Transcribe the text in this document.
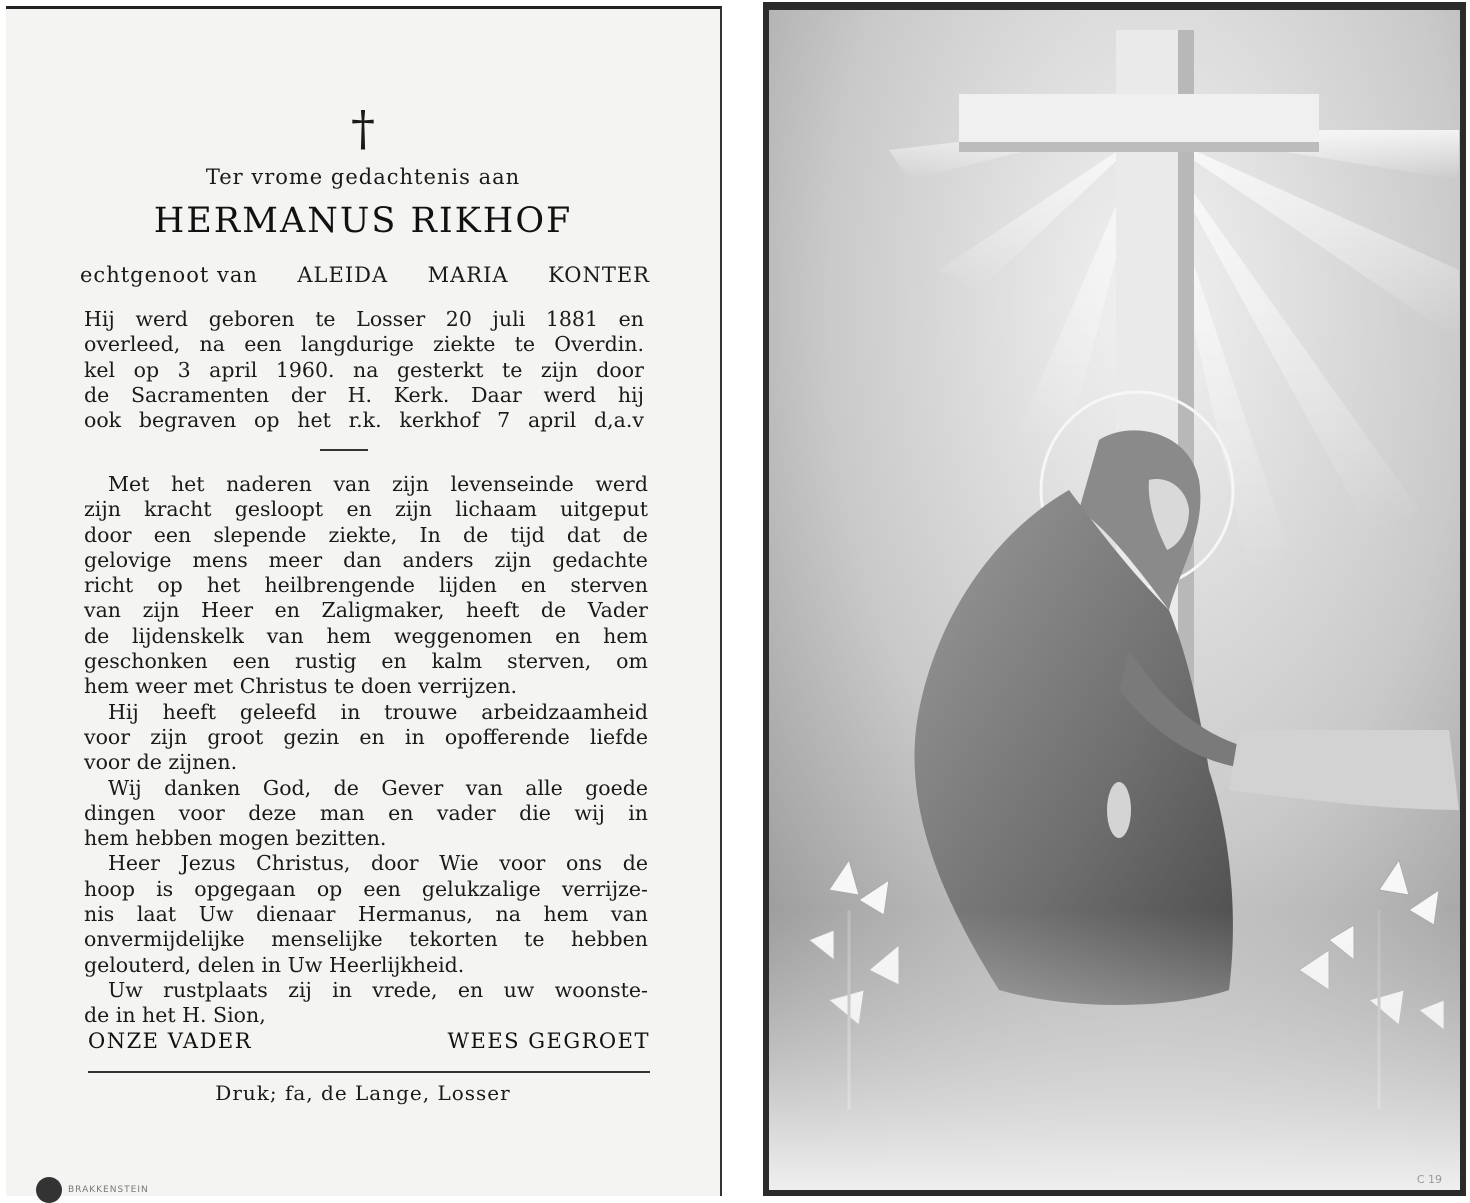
†
Ter vrome gedachtenis aan
HERMANUS RIKHOF
echtgenoot van ALEIDA MARIA KONTER
Hij werd geboren te Losser 20 juli 1881 en
overleed, na een langdurige ziekte te Overdin.
kel op 3 april 1960. na gesterkt te zijn door
de Sacramenten der H. Kerk. Daar werd hij
ook begraven op het r.k. kerkhof 7 april d,a.v
Met het naderen van zijn levenseinde werd
zijn kracht gesloopt en zijn lichaam uitgeput
door een slepende ziekte, In de tijd dat de
gelovige mens meer dan anders zijn gedachte
richt op het heilbrengende lijden en sterven
van zijn Heer en Zaligmaker, heeft de Vader
de lijdenskelk van hem weggenomen en hem
geschonken een rustig en kalm sterven, om
hem weer met Christus te doen verrijzen.
Hij heeft geleefd in trouwe arbeidzaamheid
voor zijn groot gezin en in opofferende liefde
voor de zijnen.
Wij danken God, de Gever van alle goede
dingen voor deze man en vader die wij in
hem hebben mogen bezitten.
Heer Jezus Christus, door Wie voor ons de
hoop is opgegaan op een gelukzalige verrijze-
nis laat Uw dienaar Hermanus, na hem van
onvermijdelijke menselijke tekorten te hebben
gelouterd, delen in Uw Heerlijkheid.
Uw rustplaats zij in vrede, en uw woonste-
de in het H. Sion,
ONZE VADER	WEES GEGROET
Druk; fa, de Lange, Losser
BRAKKENSTEIN
C 19
